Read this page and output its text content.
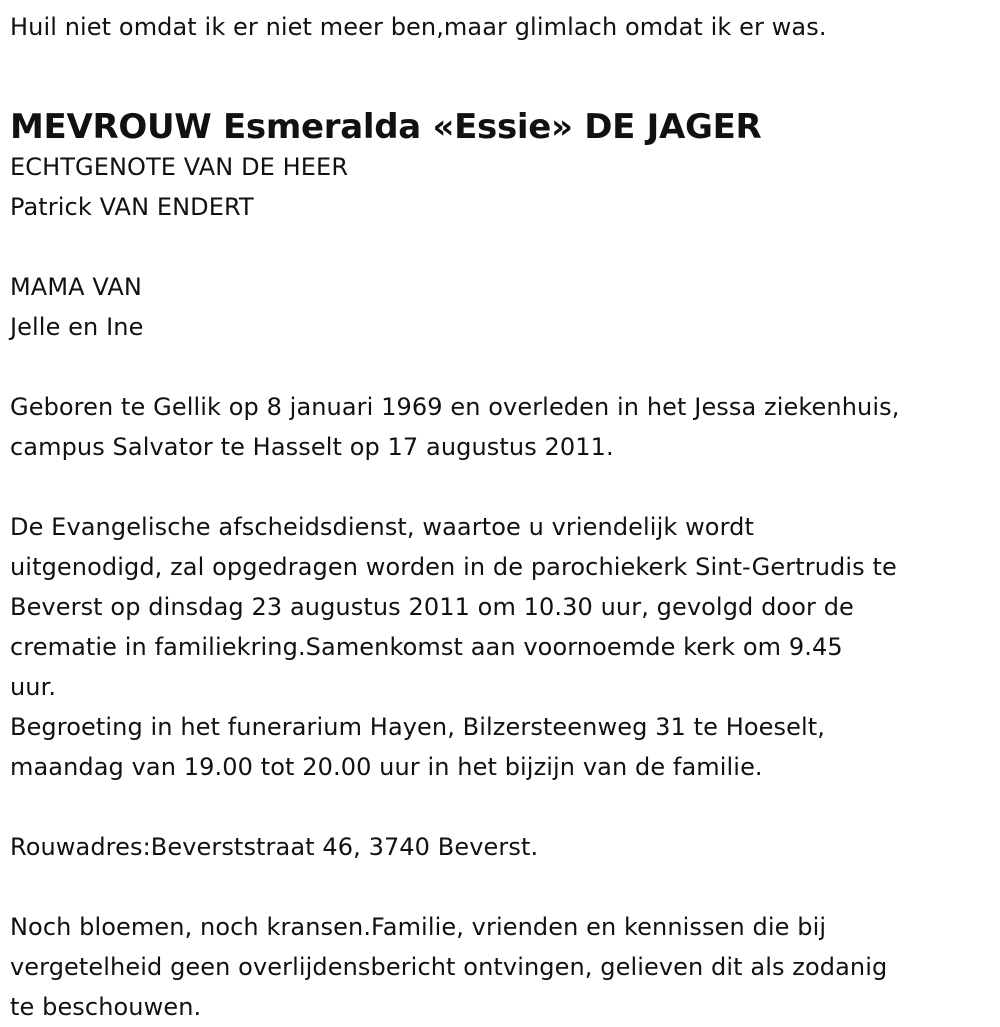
Huil niet omdat ik er niet meer ben,maar glimlach omdat ik er was.
MEVROUW Esmeralda «Essie» DE JAGER
ECHTGENOTE VAN DE HEER
Patrick VAN ENDERT
MAMA VAN
Jelle en Ine
Geboren te Gellik op 8 januari 1969 en overleden in het Jessa ziekenhuis,
campus Salvator te Hasselt op 17 augustus 2011.
De Evangelische afscheidsdienst, waartoe u vriendelijk wordt
uitgenodigd, zal opgedragen worden in de parochiekerk Sint-Gertrudis te
Beverst op dinsdag 23 augustus 2011 om 10.30 uur, gevolgd door de
crematie in familiekring.Samenkomst aan voornoemde kerk om 9.45
uur.
Begroeting in het funerarium Hayen, Bilzersteenweg 31 te Hoeselt,
maandag van 19.00 tot 20.00 uur in het bijzijn van de familie.
Rouwadres:Beverststraat 46, 3740 Beverst.
Noch bloemen, noch kransen.Familie, vrienden en kennissen die bij
vergetelheid geen overlijdensbericht ontvingen, gelieven dit als zodanig
te beschouwen.
